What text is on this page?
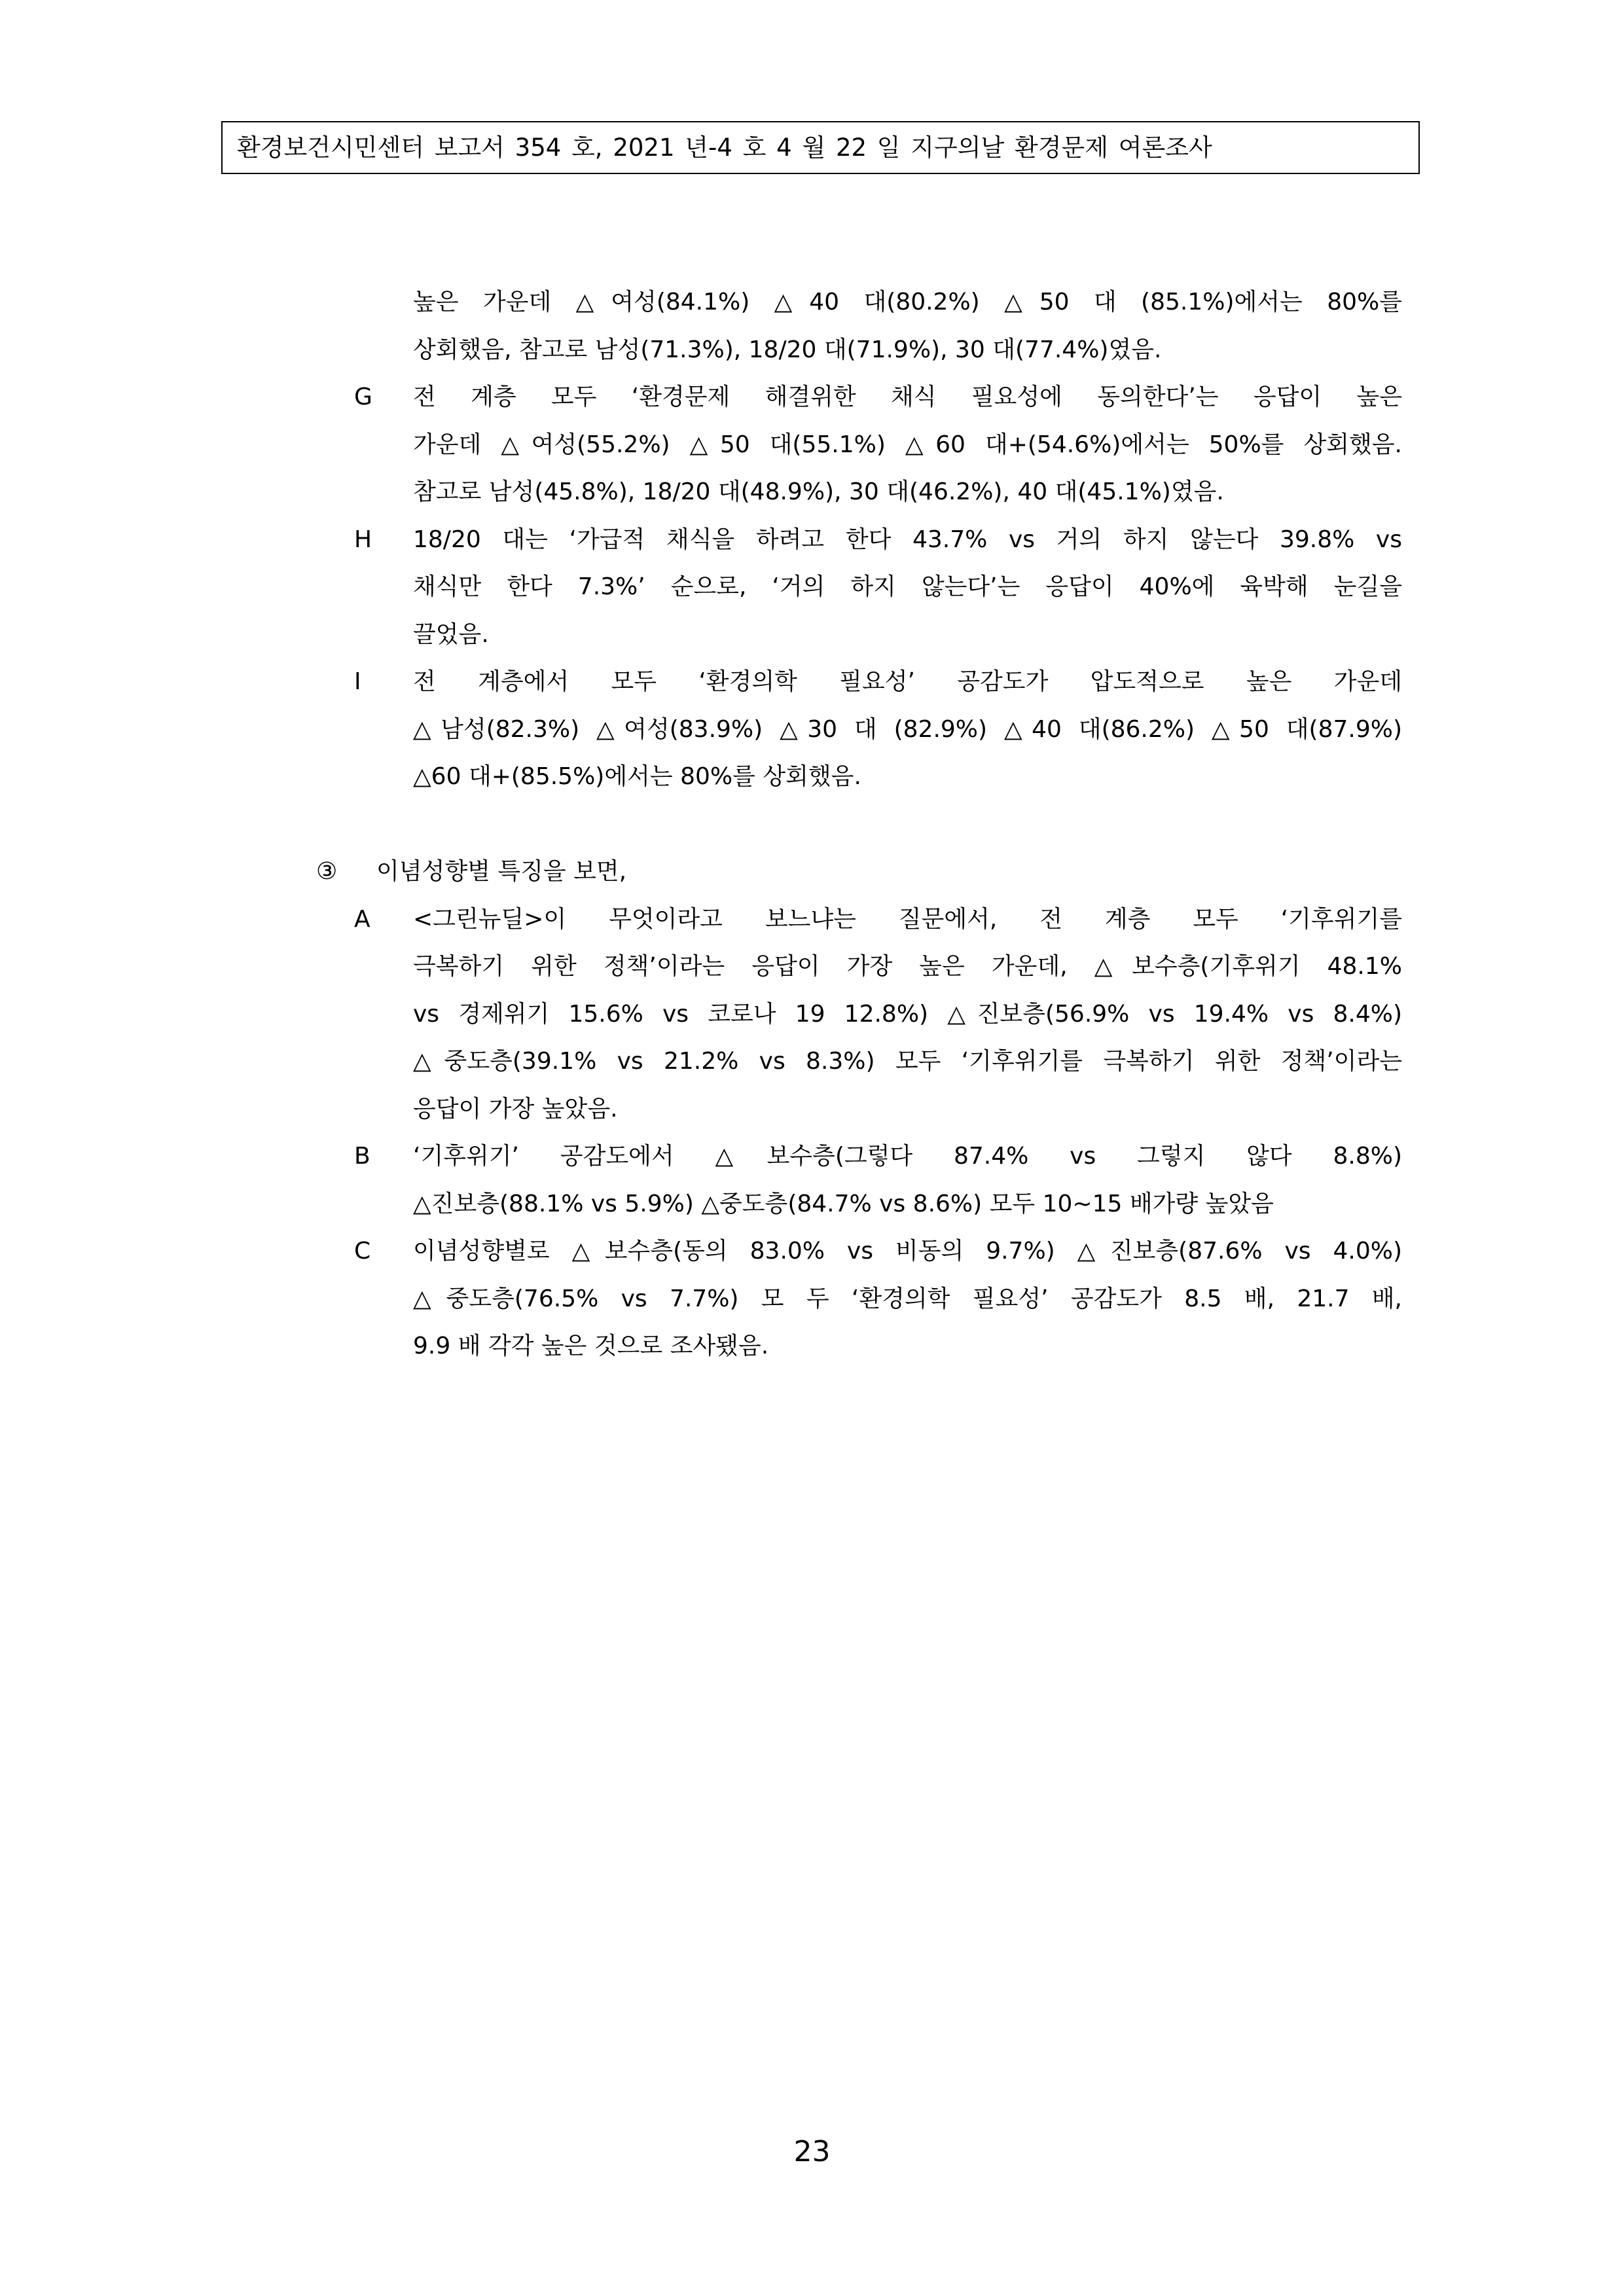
환경보건시민센터 보고서 354 호, 2021 년-4 호 4 월 22 일 지구의날 환경문제 여론조사
높은 가운데 △여성(84.1%) △40 대(80.2%) △50 대 (85.1%)에서는 80%를
상회했음, 참고로 남성(71.3%), 18/20 대(71.9%), 30 대(77.4%)였음.
G	전 계층 모두 ‘환경문제 해결위한 채식 필요성에 동의한다’는 응답이 높은
가운데 △여성(55.2%) △50 대(55.1%) △60 대+(54.6%)에서는 50%를 상회했음.
참고로 남성(45.8%), 18/20 대(48.9%), 30 대(46.2%), 40 대(45.1%)였음.
H	18/20 대는 ‘가급적 채식을 하려고 한다 43.7% vs 거의 하지 않는다 39.8% vs
채식만 한다 7.3%’ 순으로, ‘거의 하지 않는다’는 응답이 40%에 육박해 눈길을
끌었음.
I	전 계층에서 모두 ‘환경의학 필요성’ 공감도가 압도적으로 높은 가운데
△남성(82.3%) △여성(83.9%) △30 대 (82.9%) △40 대(86.2%) △50 대(87.9%)
△60 대+(85.5%)에서는 80%를 상회했음.
③	이념성향별 특징을 보면,
A	<그린뉴딜>이 무엇이라고 보느냐는 질문에서, 전 계층 모두 ‘기후위기를
극복하기 위한 정책’이라는 응답이 가장 높은 가운데, △보수층(기후위기 48.1%
vs 경제위기 15.6% vs 코로나 19 12.8%) △진보층(56.9% vs 19.4% vs 8.4%)
△중도층(39.1% vs 21.2% vs 8.3%) 모두 ‘기후위기를 극복하기 위한 정책’이라는
응답이 가장 높았음.
B	‘기후위기’ 공감도에서 △보수층(그렇다 87.4% vs 그렇지 않다 8.8%)
△진보층(88.1% vs 5.9%) △중도층(84.7% vs 8.6%) 모두 10~15 배가량 높았음
C	이념성향별로 △보수층(동의 83.0% vs 비동의 9.7%) △진보층(87.6% vs 4.0%)
△중도층(76.5% vs 7.7%) 모 두 ‘환경의학 필요성’ 공감도가 8.5 배, 21.7 배,
9.9 배 각각 높은 것으로 조사됐음.
23
